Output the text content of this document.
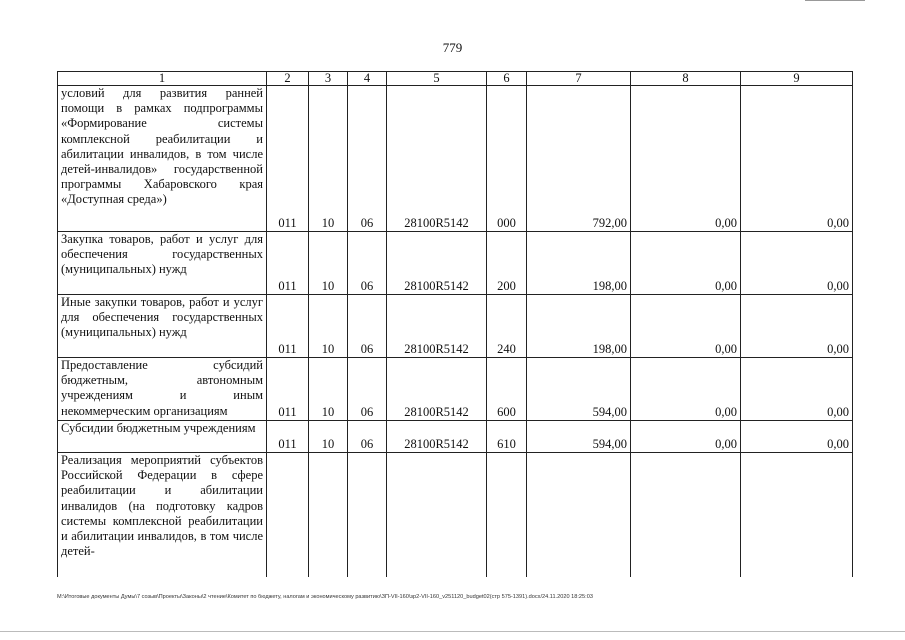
779
1	2	3	4	5	6	7	8	9

условий для развития ранней помощи в рамках подпрограммы «Формирование системы комплексной реабилитации и абилитации инвалидов, в том числе детей-инвалидов» государственной программы Хабаровского края «Доступная среда»)	011	10	06	28100R5142	000	792,00	0,00	0,00

Закупка товаров, работ и услуг для обеспечения государственных (муниципальных) нужд	011	10	06	28100R5142	200	198,00	0,00	0,00

Иные закупки товаров, работ и услуг для обеспечения государственных (муниципальных) нужд	011	10	06	28100R5142	240	198,00	0,00	0,00

Предоставление субсидий бюджетным, автономным учреждениям и иным некоммерческим организациям	011	10	06	28100R5142	600	594,00	0,00	0,00

Субсидии бюджетным учреждениям	011	10	06	28100R5142	610	594,00	0,00	0,00

Реализация мероприятий субъектов Российской Федерации в сфере реабилитации и абилитации инвалидов (на подготовку кадров системы комплексной реабилитации и абилитации инвалидов, в том числе детей-								

M:\Итоговые документы Думы\7 созыв\Проекты\Законы\2 чтение\Комитет по бюджету, налогам и экономическому развитию\ЗП-VII-160\зр2-VII-160_v251120_budget02(стр 575-1391).docx/24.11.2020 18:25:03
